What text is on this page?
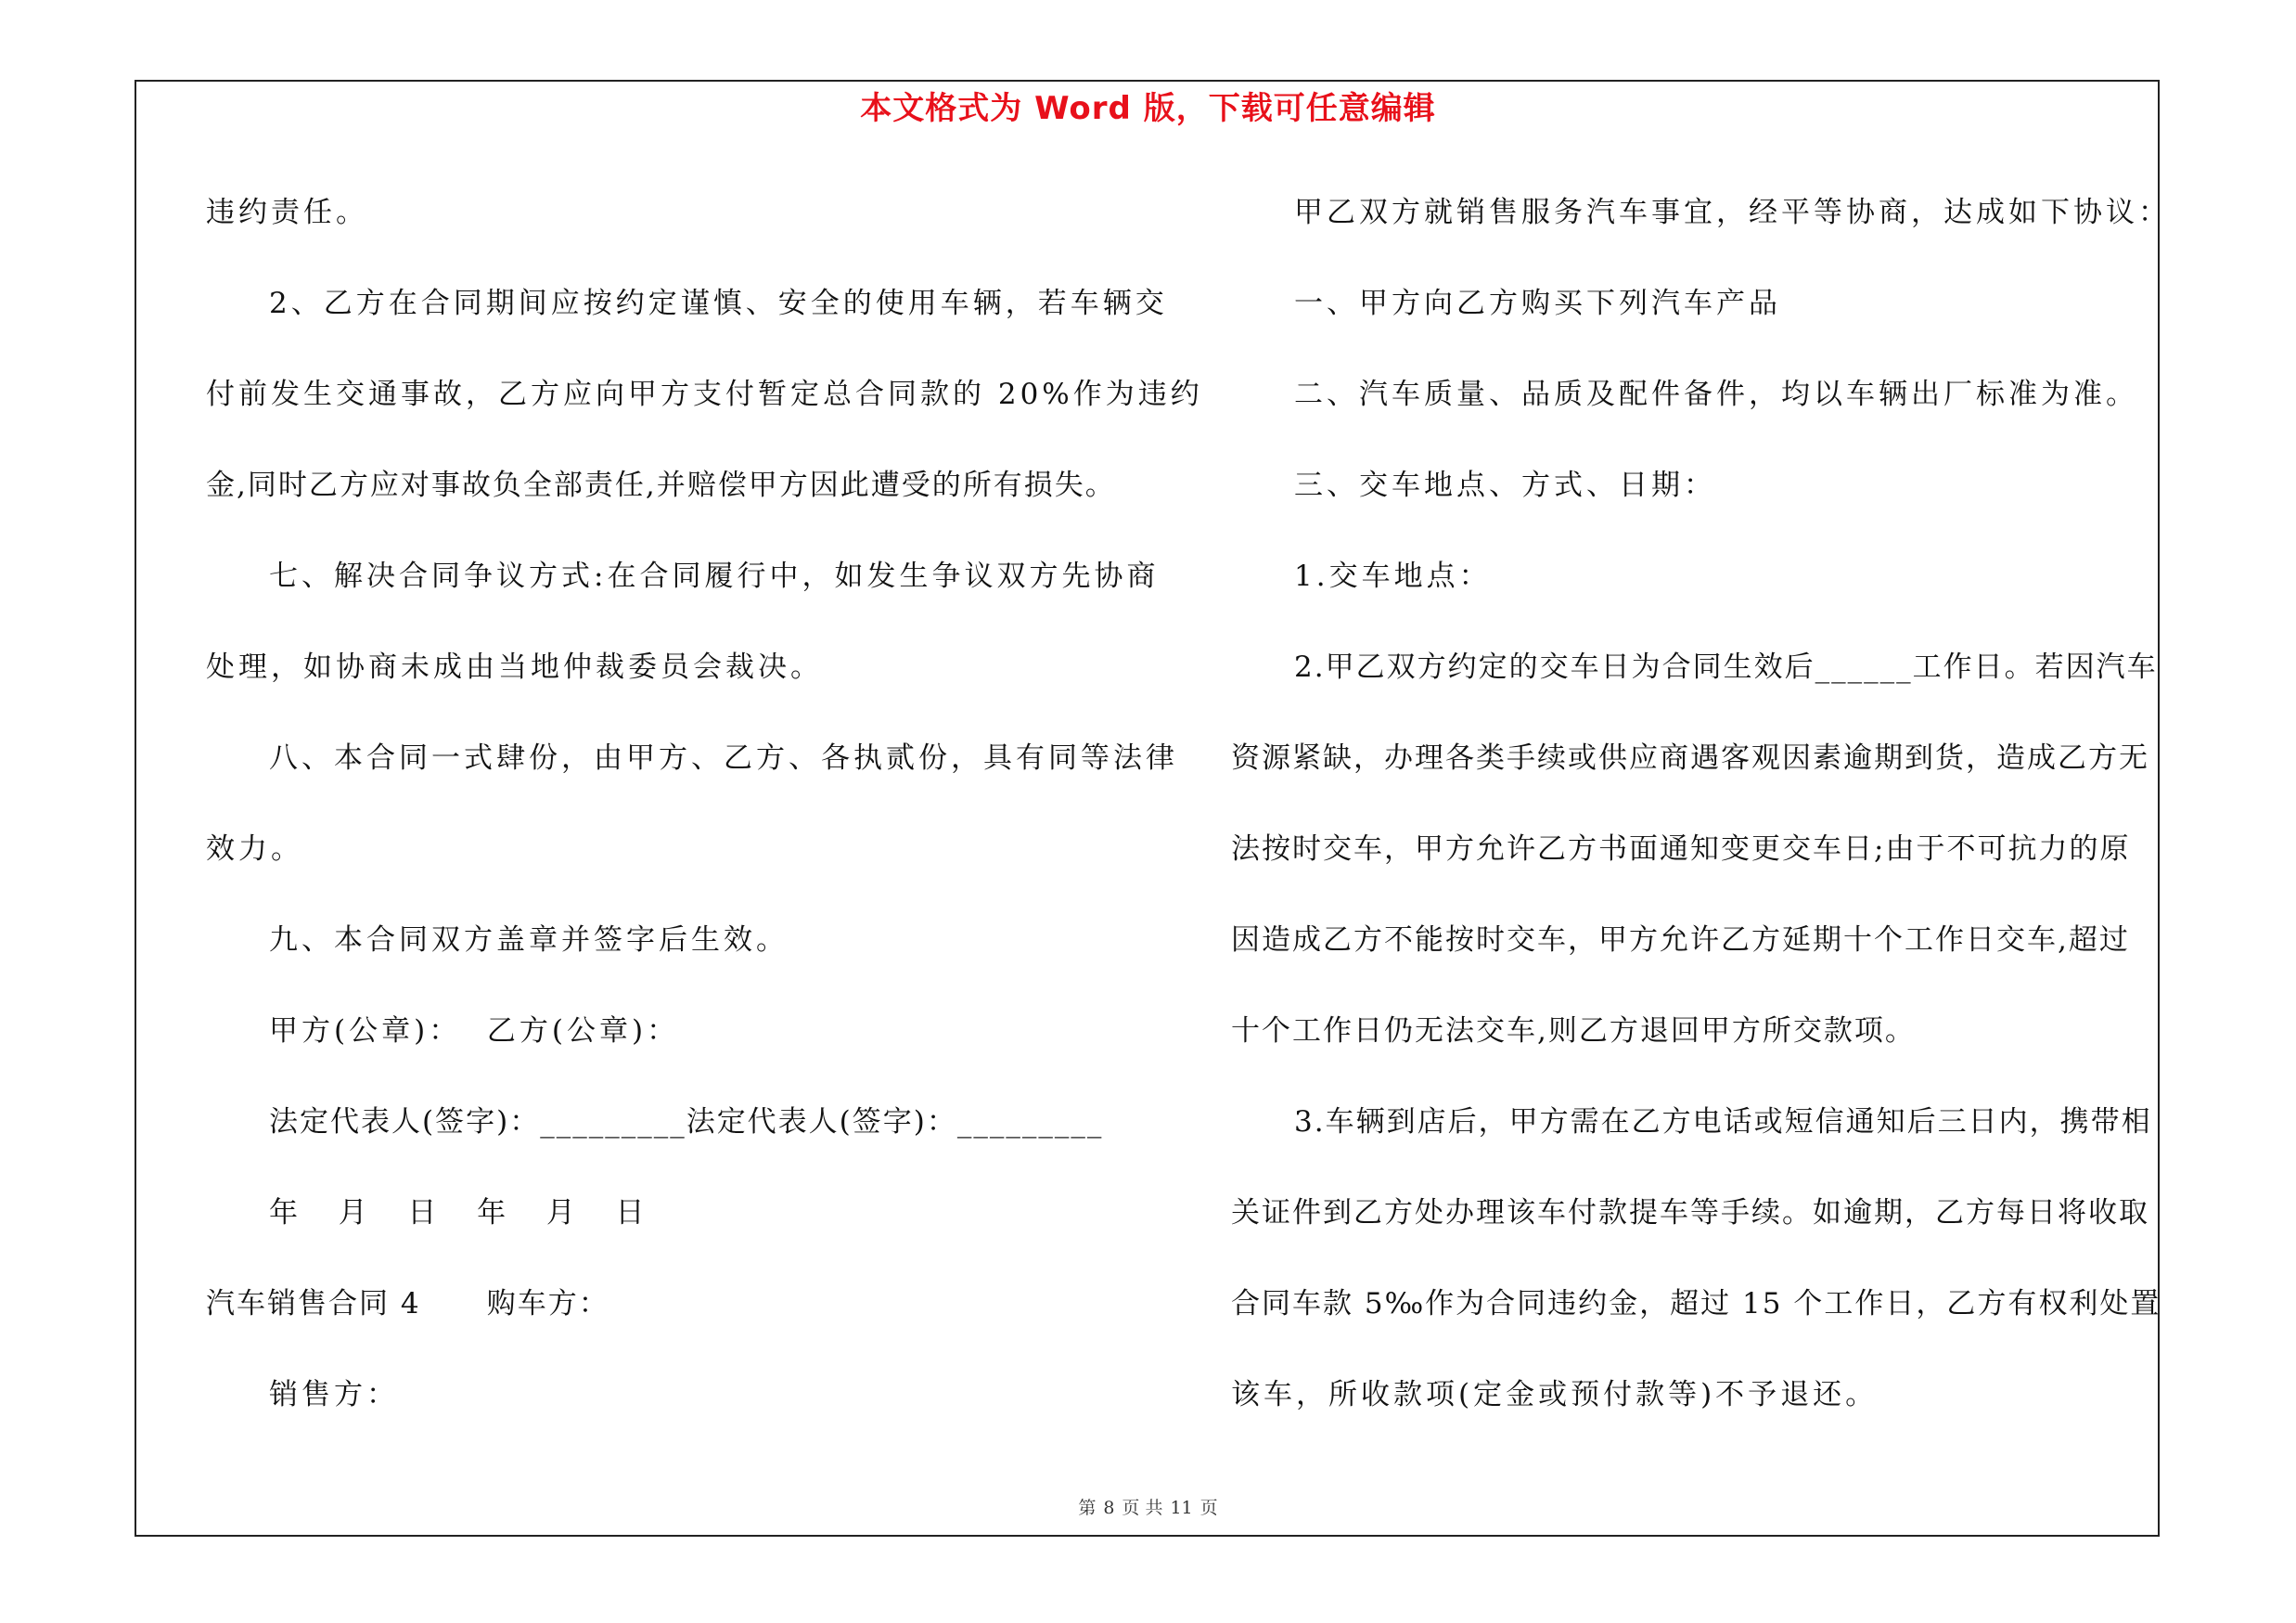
本文格式为 Word 版，下载可任意编辑
违约责任。
2、乙方在合同期间应按约定谨慎、安全的使用车辆，若车辆交
付前发生交通事故，乙方应向甲方支付暂定总合同款的 20%作为违约
金,同时乙方应对事故负全部责任,并赔偿甲方因此遭受的所有损失。
七、解决合同争议方式:在合同履行中，如发生争议双方先协商
处理，如协商未成由当地仲裁委员会裁决。
八、本合同一式肆份，由甲方、乙方、各执贰份，具有同等法律
效力。
九、本合同双方盖章并签字后生效。
甲方(公章)：  乙方(公章)：
法定代表人(签字)：_________法定代表人(签字)：_________
年  月  日  年  月  日
汽车销售合同 4      购车方：
销售方：
甲乙双方就销售服务汽车事宜，经平等协商，达成如下协议：
一、甲方向乙方购买下列汽车产品
二、汽车质量、品质及配件备件，均以车辆出厂标准为准。
三、交车地点、方式、日期：
1.交车地点：
2.甲乙双方约定的交车日为合同生效后______工作日。若因汽车
资源紧缺，办理各类手续或供应商遇客观因素逾期到货，造成乙方无
法按时交车，甲方允许乙方书面通知变更交车日;由于不可抗力的原
因造成乙方不能按时交车，甲方允许乙方延期十个工作日交车,超过
十个工作日仍无法交车,则乙方退回甲方所交款项。
3.车辆到店后，甲方需在乙方电话或短信通知后三日内，携带相
关证件到乙方处办理该车付款提车等手续。如逾期，乙方每日将收取
合同车款 5‰作为合同违约金，超过 15 个工作日，乙方有权利处置
该车，所收款项(定金或预付款等)不予退还。
第 8 页 共 11 页
